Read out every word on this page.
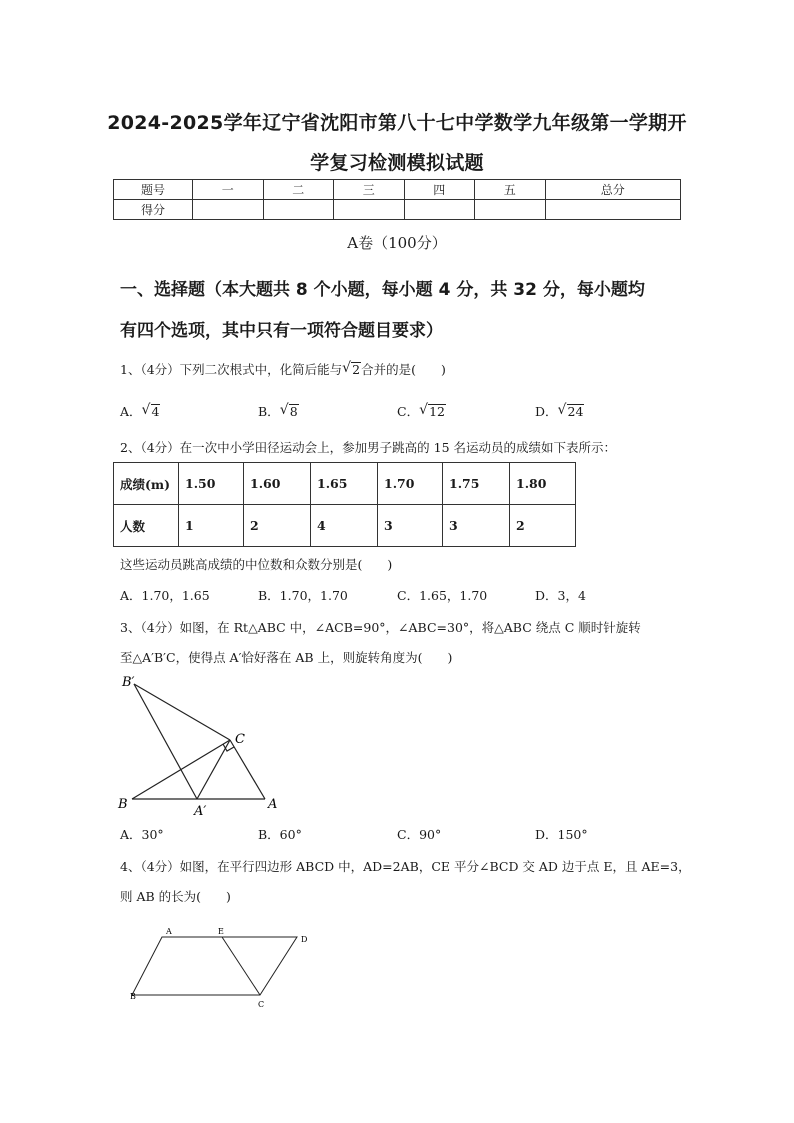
2024-2025学年辽宁省沈阳市第八十七中学数学九年级第一学期开
学复习检测模拟试题
题号	一	二	三	四	五	总分
得分						
A卷（100分）
一、选择题（本大题共 8 个小题，每小题 4 分，共 32 分，每小题均
有四个选项，其中只有一项符合题目要求）
1、（4分）下列二次根式中，化简后能与 √ 2合并的是(　　)
A． √ 4	B． √ 8	C． √ 12	D． √ 24
2、（4分）在一次中小学田径运动会上，参加男子跳高的 15 名运动员的成绩如下表所示：
成绩(m)	1.50	1.60	1.65	1.70	1.75	1.80
人数	1	2	4	3	3	2
这些运动员跳高成绩的中位数和众数分别是(　　)
A．1.70，1.65	B．1.70，1.70	C．1.65，1.70	D．3，4
3、（4分）如图，在 Rt△ABC 中，∠ACB=90°，∠ABC=30°，将△ABC 绕点 C 顺时针旋转
至△A′B′C，使得点 A′恰好落在 AB 上，则旋转角度为(　　)
B′
C
B	A′	A
A．30°	B．60°	C．90°	D．150°
4、（4分）如图，在平行四边形 ABCD 中，AD=2AB，CE 平分∠BCD 交 AD 边于点 E，且 AE=3，
则 AB 的长为(　　)
A	E
D
B
C
